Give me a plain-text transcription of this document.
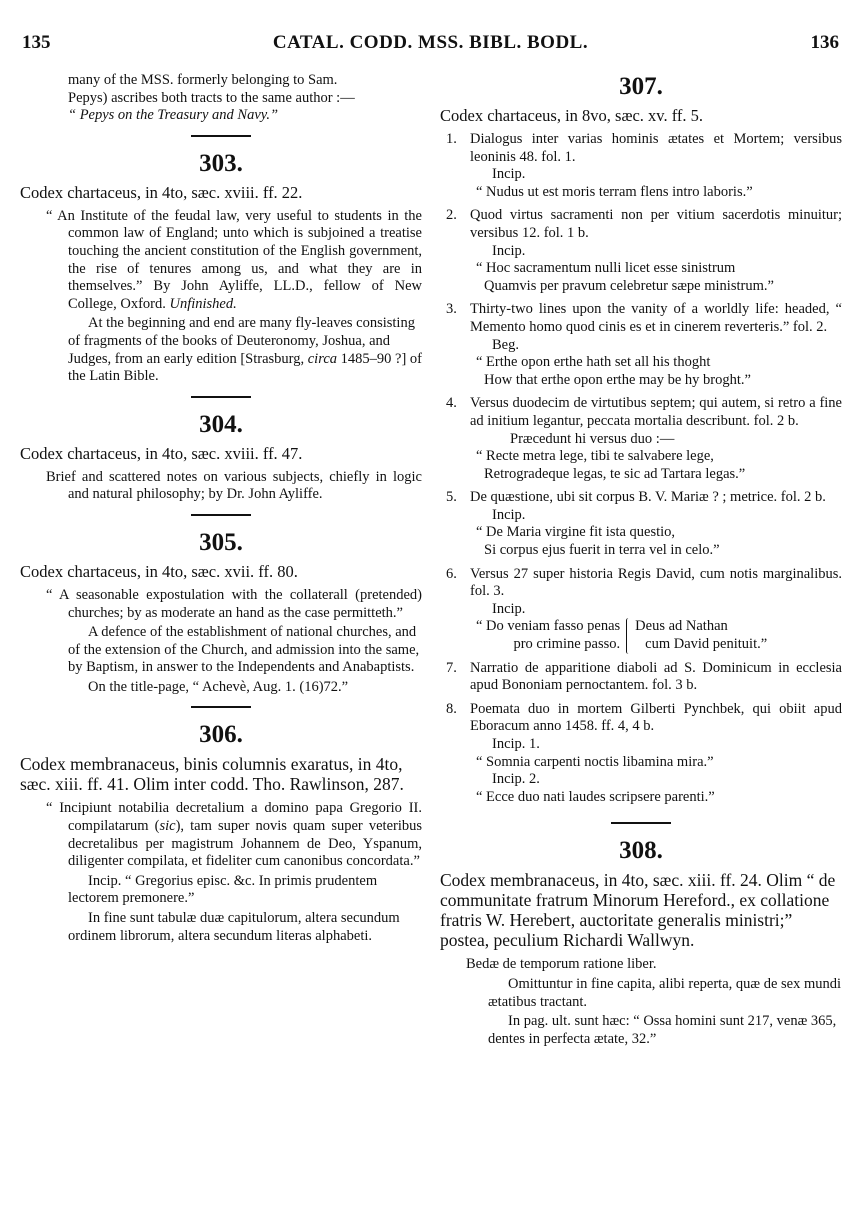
135	CATAL. CODD. MSS. BIBL. BODL.	136
many of the MSS. formerly belonging to Sam.
Pepys) ascribes both tracts to the same author :—
“ Pepys on the Treasury and Navy.”
303.
Codex chartaceus, in 4to, sæc. xviii. ff. 22.
“ An Institute of the feudal law, very useful to students in the common law of England; unto which is subjoined a treatise touching the ancient constitution of the English government, the rise of tenures among us, and what they are in themselves.” By John Ayliffe, LL.D., fellow of New College, Oxford. Unfinished.
At the beginning and end are many fly-leaves consisting of fragments of the books of Deuteronomy, Joshua, and Judges, from an early edition [Strasburg, circa 1485–90 ?] of the Latin Bible.
304.
Codex chartaceus, in 4to, sæc. xviii. ff. 47.
Brief and scattered notes on various subjects, chiefly in logic and natural philosophy; by Dr. John Ayliffe.
305.
Codex chartaceus, in 4to, sæc. xvii. ff. 80.
“ A seasonable expostulation with the collaterall (pretended) churches; by as moderate an hand as the case permitteth.”
A defence of the establishment of national churches, and of the extension of the Church, and admission into the same, by Baptism, in answer to the Independents and Anabaptists.
On the title-page, “ Achevè, Aug. 1. (16)72.”
306.
Codex membranaceus, binis columnis exaratus, in 4to, sæc. xiii. ff. 41. Olim inter codd. Tho. Rawlinson, 287.
“ Incipiunt notabilia decretalium a domino papa Gregorio II. compilatarum (sic), tam super novis quam super veteribus decretalibus per magistrum Johannem de Deo, Yspanum, diligenter compilata, et fideliter cum canonibus concordata.”
Incip. “ Gregorius episc. &c. In primis prudentem lectorem premonere.”
In fine sunt tabulæ duæ capitulorum, altera secundum ordinem librorum, altera secundum literas alphabeti.
307.
Codex chartaceus, in 8vo, sæc. xv. ff. 5.
1. Dialogus inter varias hominis ætates et Mortem; versibus leoninis 48. fol. 1.
Incip.
“ Nudus ut est moris terram flens intro laboris.”
2. Quod virtus sacramenti non per vitium sacerdotis minuitur; versibus 12. fol. 1 b.
Incip.
“ Hoc sacramentum nulli licet esse sinistrum
Quamvis per pravum celebretur sæpe ministrum.”
3. Thirty-two lines upon the vanity of a worldly life: headed, “ Memento homo quod cinis es et in cinerem reverteris.” fol. 2.
Beg.
“ Erthe opon erthe hath set all his thoght
How that erthe opon erthe may be hy broght.”
4. Versus duodecim de virtutibus septem; qui autem, si retro a fine ad initium legantur, peccata mortalia describunt. fol. 2 b.
Præcedunt hi versus duo :—
“ Recte metra lege, tibi te salvabere lege,
Retrogradeque legas, te sic ad Tartara legas.”
5. De quæstione, ubi sit corpus B. V. Mariæ ? ; metrice. fol. 2 b.
Incip.
“ De Maria virgine fit ista questio,
Si corpus ejus fuerit in terra vel in celo.”
6. Versus 27 super historia Regis David, cum notis marginalibus. fol. 3.
Incip.
“ Do veniam fasso penas
pro crimine passo.
Deus ad Nathan
cum David penituit.”
7. Narratio de apparitione diaboli ad S. Dominicum in ecclesia apud Bononiam pernoctantem. fol. 3 b.
8. Poemata duo in mortem Gilberti Pynchbek, qui obiit apud Eboracum anno 1458. ff. 4, 4 b.
Incip. 1.
“ Somnia carpenti noctis libamina mira.”
Incip. 2.
“ Ecce duo nati laudes scripsere parenti.”
308.
Codex membranaceus, in 4to, sæc. xiii. ff. 24. Olim “ de communitate fratrum Minorum Hereford., ex collatione fratris W. Herebert, auctoritate generalis ministri;” postea, peculium Richardi Wallwyn.
Bedæ de temporum ratione liber.
Omittuntur in fine capita, alibi reperta, quæ de sex mundi ætatibus tractant.
In pag. ult. sunt hæc: “ Ossa homini sunt 217, venæ 365, dentes in perfecta ætate, 32.”
